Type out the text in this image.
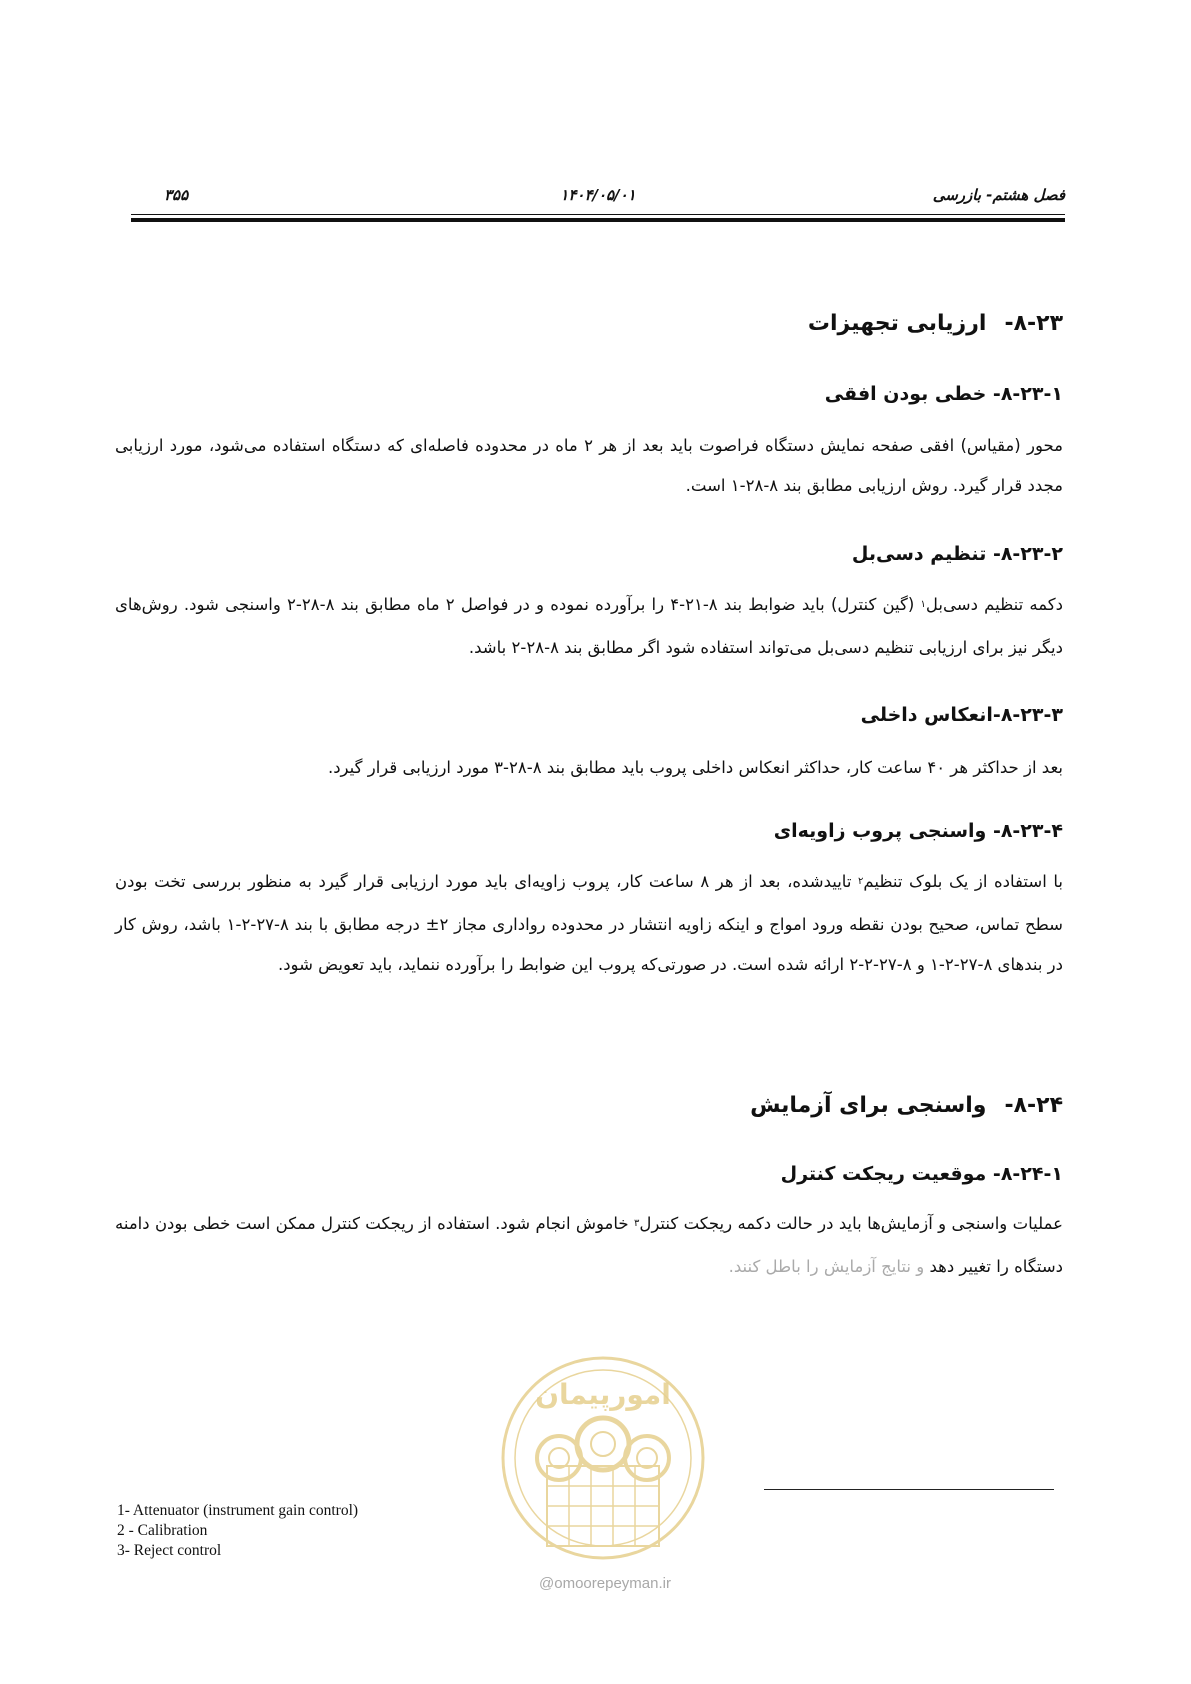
فصل هشتم- بازرسی
۱۴۰۴/۰۵/۰۱
۳۵۵
۸-۲۳-ارزیابی تجهیزات
۸-۲۳-۱- خطی بودن افقی
محور (مقیاس) افقی صفحه نمایش دستگاه فراصوت باید بعد از هر ۲ ماه در محدوده فاصله‌ای که دستگاه استفاده می‌شود، مورد ارزیابی مجدد قرار گیرد. روش ارزیابی مطابق بند ۸-۲۸-۱ است.
۸-۲۳-۲- تنظیم دسی‌بل
دکمه تنظیم دسی‌بل$^۱$ (گین کنترل) باید ضوابط بند ۸-۲۱-۴ را برآورده نموده و در فواصل ۲ ماه مطابق بند ۸-۲۸-۲ واسنجی شود. روش‌های دیگر نیز برای ارزیابی تنظیم دسی‌بل می‌تواند استفاده شود اگر مطابق بند ۸-۲۸-۲ باشد.
۸-۲۳-۳-انعکاس داخلی
بعد از حداکثر هر ۴۰ ساعت کار، حداکثر انعکاس داخلی پروب باید مطابق بند ۸-۲۸-۳ مورد ارزیابی قرار گیرد.
۸-۲۳-۴- واسنجی پروب زاویه‌ای
با استفاده از یک بلوک تنظیم$^۲$ تاییدشده، بعد از هر ۸ ساعت کار، پروب زاویه‌ای باید مورد ارزیابی قرار گیرد به منظور بررسی تخت بودن سطح تماس، صحیح بودن نقطه ورود امواج و اینکه زاویه انتشار در محدوده رواداری مجاز ۲± درجه مطابق با بند ۸-۲۷-۲-۱ باشد، روش کار در بندهای ۸-۲۷-۲-۱ و ۸-۲۷-۲-۲ ارائه شده است. در صورتی‌که پروب این ضوابط را برآورده ننماید، باید تعویض شود.
۸-۲۴-واسنجی برای آزمایش
۸-۲۴-۱- موقعیت ریجکت کنترل
عملیات واسنجی و آزمایش‌ها باید در حالت دکمه ریجکت کنترل$^۳$ خاموش انجام شود. استفاده از ریجکت کنترل ممکن است خطی بودن دامنه دستگاه را تغییر دهد و نتایج آزمایش را باطل کنند.
امورپیمان
@omoorepeyman.ir
1- Attenuator (instrument gain control)
2 - Calibration
3- Reject control
